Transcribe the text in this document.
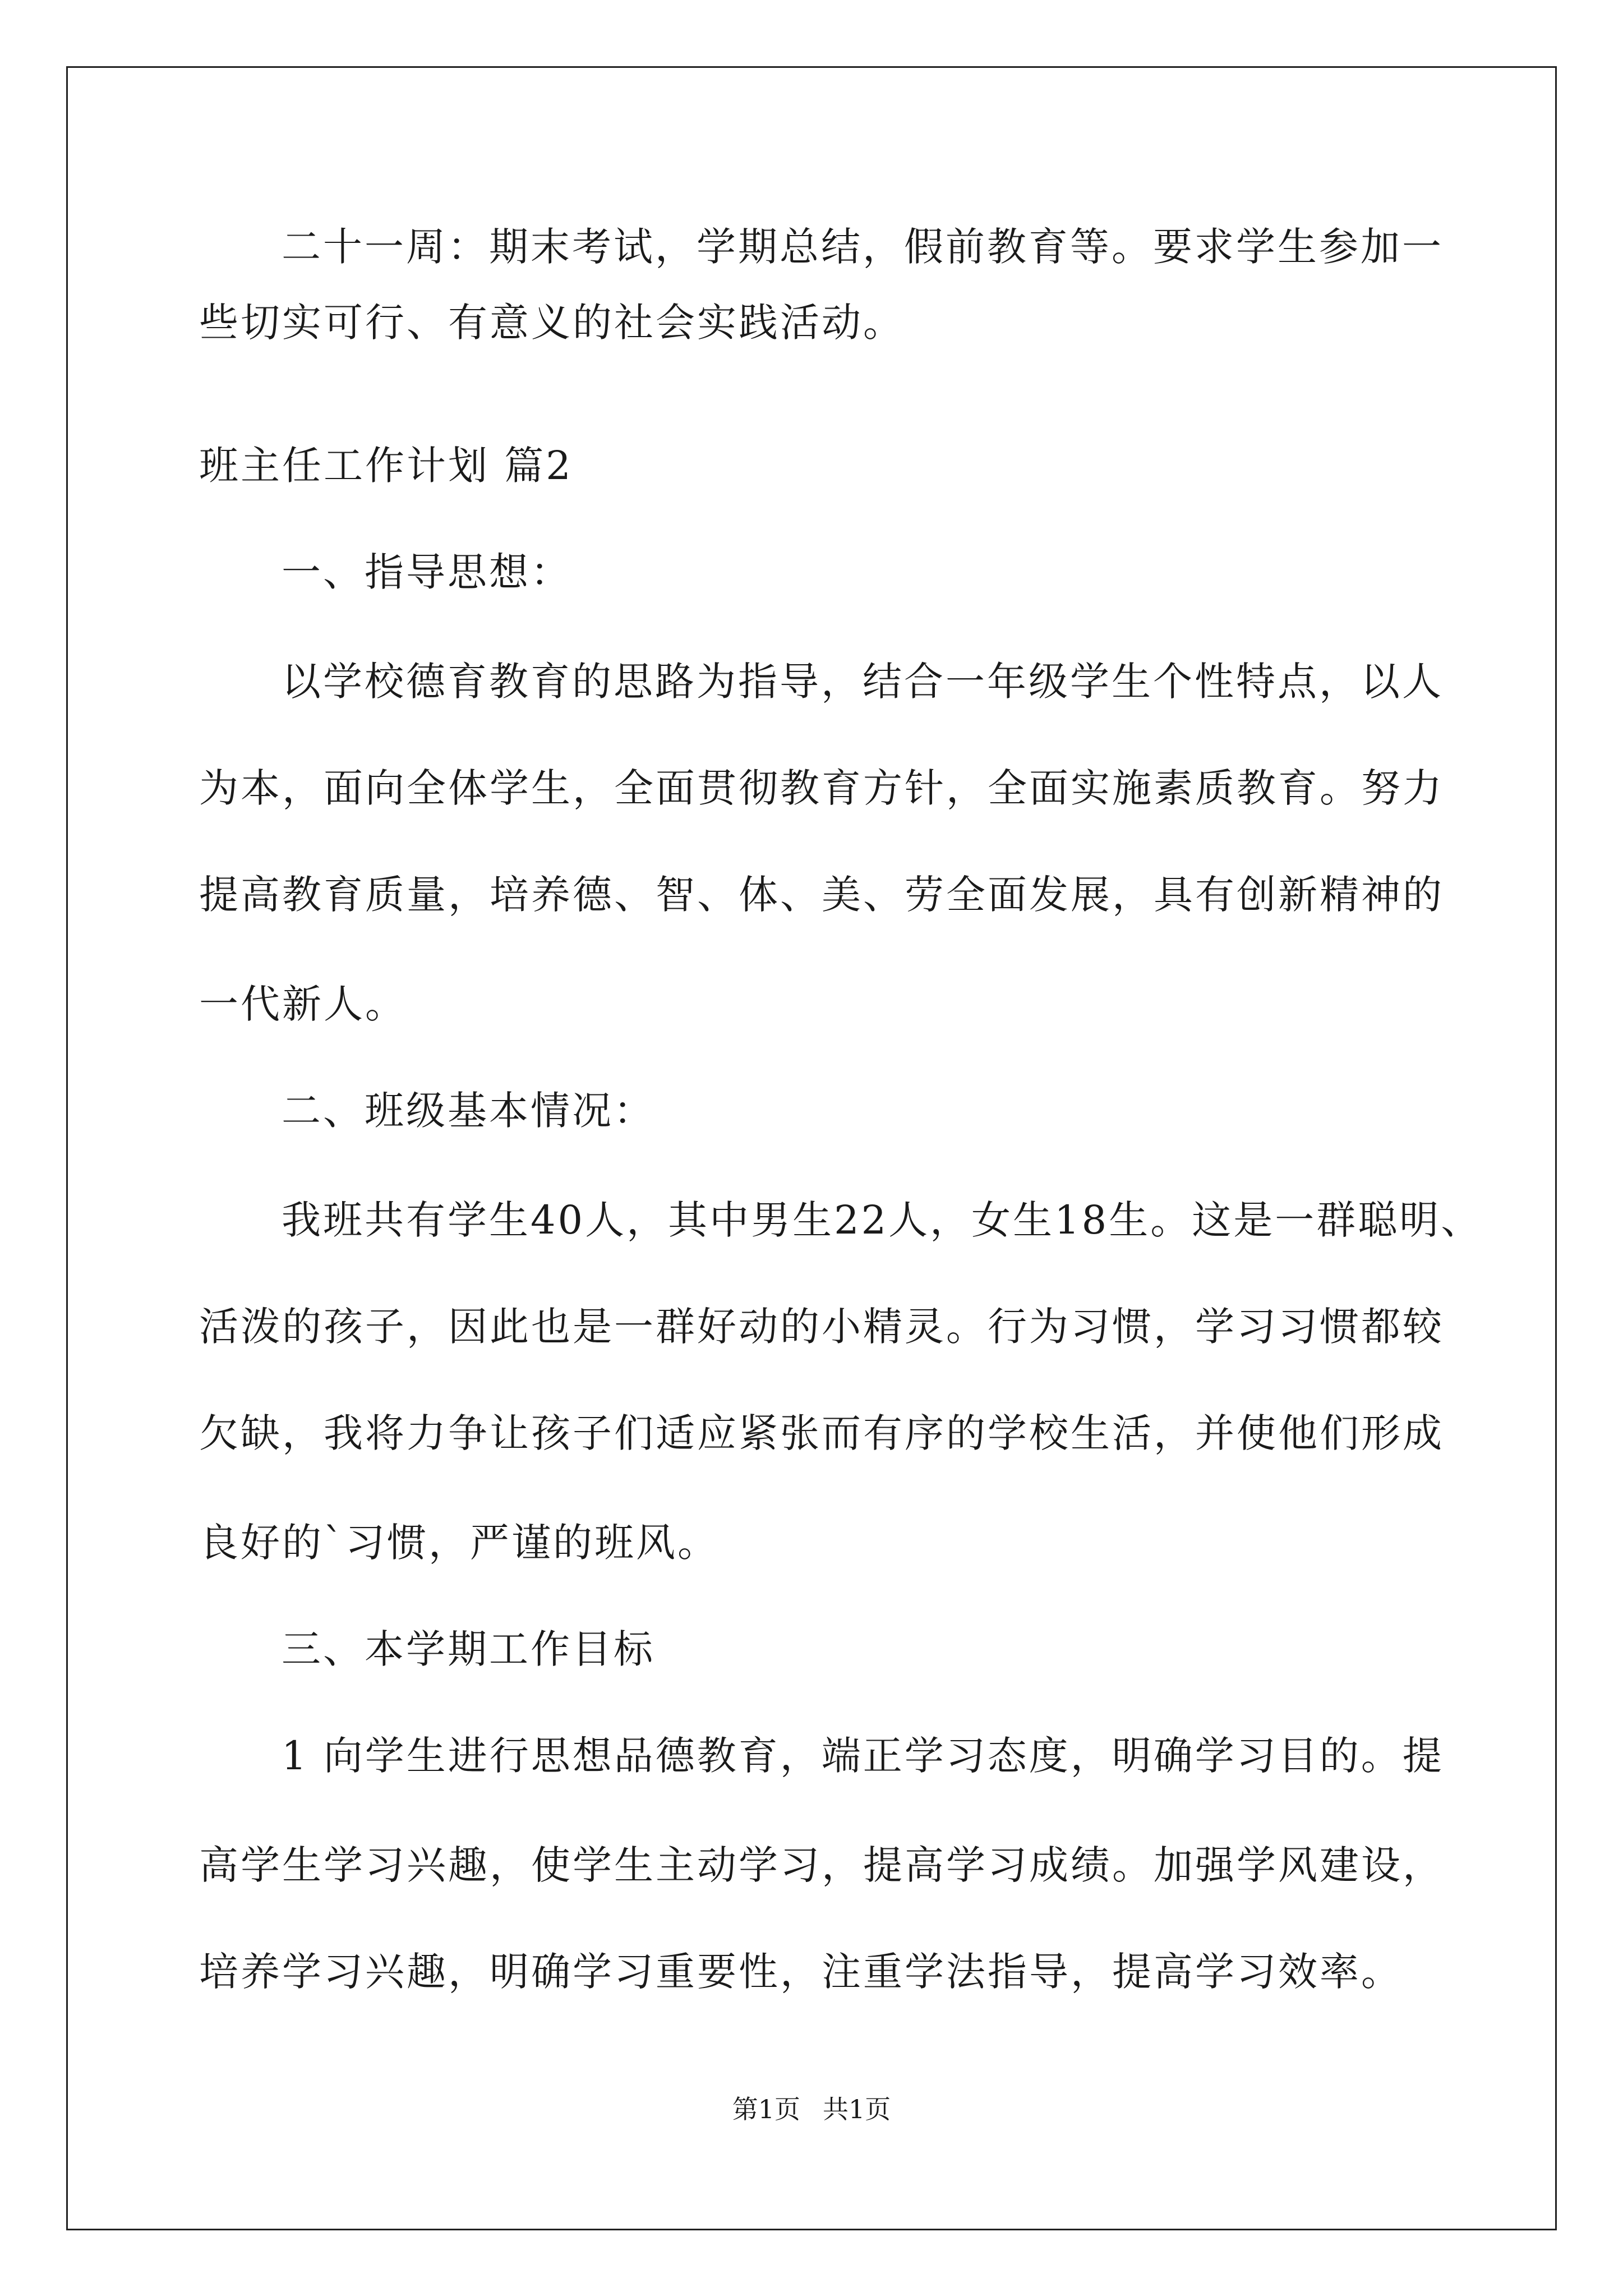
二十一周：期末考试，学期总结，假前教育等。要求学生参加一
些切实可行、有意义的社会实践活动。
班主任工作计划 篇2
一、指导思想：
以学校德育教育的思路为指导，结合一年级学生个性特点，以人
为本，面向全体学生，全面贯彻教育方针，全面实施素质教育。努力
提高教育质量，培养德、智、体、美、劳全面发展，具有创新精神的
一代新人。
二、班级基本情况：
我班共有学生40人，其中男生22人，女生18生。这是一群聪明、
活泼的孩子，因此也是一群好动的小精灵。行为习惯，学习习惯都较
欠缺，我将力争让孩子们适应紧张而有序的学校生活，并使他们形成
良好的`习惯，严谨的班风。
三、本学期工作目标
1 向学生进行思想品德教育，端正学习态度，明确学习目的。提
高学生学习兴趣，使学生主动学习，提高学习成绩。加强学风建设，
培养学习兴趣，明确学习重要性，注重学法指导，提高学习效率。
第1页 共1页
